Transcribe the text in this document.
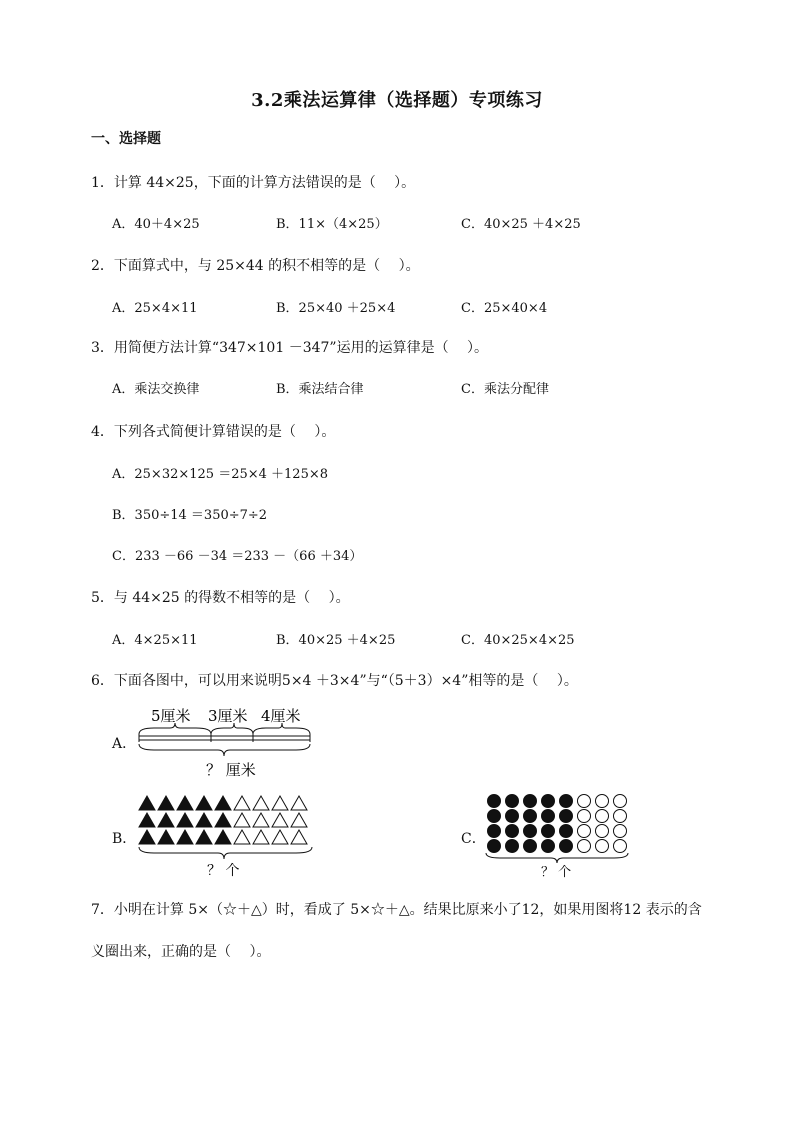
3.2乘法运算律（选择题）专项练习
一、选择题
1．计算 44×25，下面的计算方法错误的是（　 ）。
A．40＋4×25	B．11×（4×25）	C．40×25 ＋4×25
2．下面算式中，与 25×44 的积不相等的是（　 ）。
A．25×4×11	B．25×40 ＋25×4	C．25×40×4
3．用简便方法计算“347×101 －347”运用的运算律是（　 ）。
A．乘法交换律	B．乘法结合律	C．乘法分配律
4．下列各式简便计算错误的是（　 ）。
A．25×32×125 ＝25×4 ＋125×8
B．350÷14 ＝350÷7÷2
C．233 －66 －34 ＝233 －（66 ＋34）
5．与 44×25 的得数不相等的是（　 ）。
A．4×25×11	B．40×25 ＋4×25	C．40×25×4×25
6．下面各图中，可以用来说明5×4 ＋3×4”与“（5＋3）×4”相等的是（　 ）。
A．
5厘米 3厘米 4厘米
？ 厘米
B．
？ 个
C．
？ 个
7．小明在计算 5×（☆＋△）时，看成了 5×☆＋△。结果比原来小了12，如果用图将12 表示的含
义圈出来，正确的是（　 ）。
